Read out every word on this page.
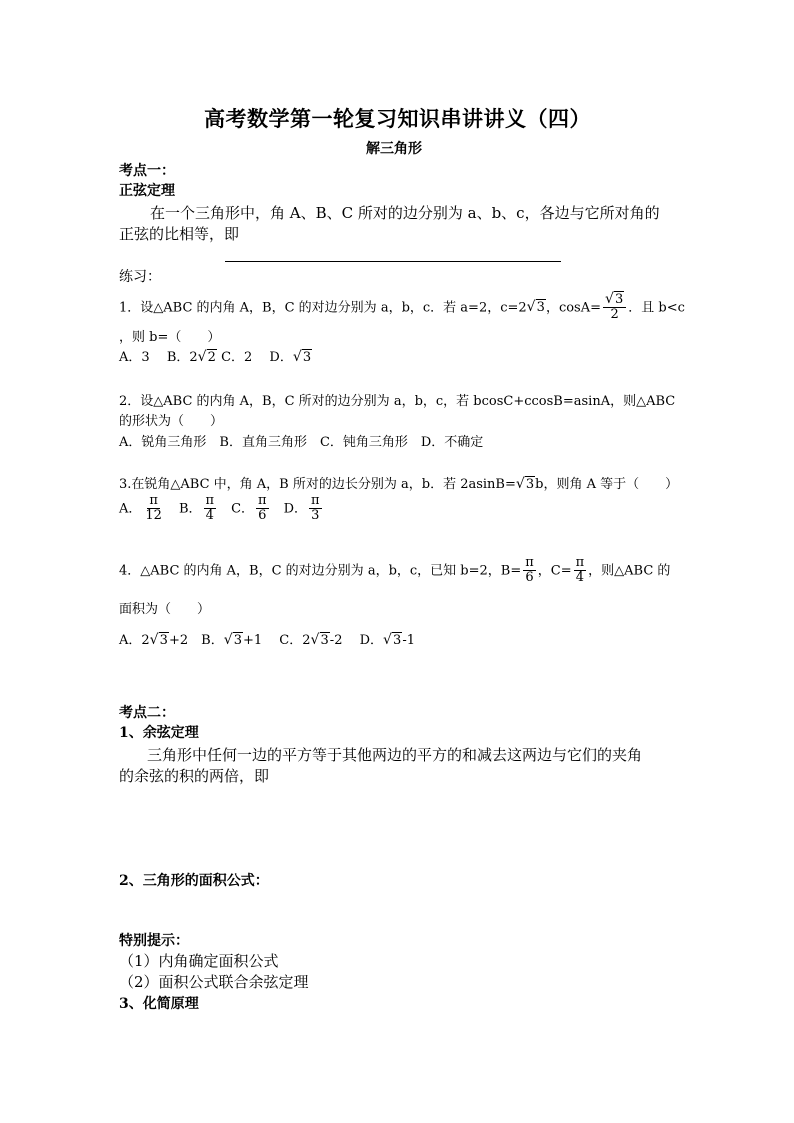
高考数学第一轮复习知识串讲讲义（四）
解三角形
考点一：
正弦定理
在一个三角形中，角 A、B、C 所对的边分别为 a、b、c，各边与它所对角的
正弦的比相等，即
练习：
1．设△ABC 的内角 A，B，C 的对边分别为 a，b，c．若 a=2，c=2 √ 3，cosA= √ $\frac{3}{2}$ ．且 b<c
，则 b=（　　）
A．3　 B．2 √ 2 C．2　 D． √ 3
2．设△ABC 的内角 A，B，C 所对的边分别为 a，b，c，若 bcosC+ccosB=asinA，则△ABC
的形状为（　　）
A．锐角三角形　B．直角三角形　C．钝角三角形　D．不确定
3.在锐角△ABC 中，角 A，B 所对的边长分别为 a，b．若 2asinB= √ 3b，则角 A 等于（　　）
A． $\frac{\pi}{12}$
　 B． $\frac{\pi}{4}$
　 C． $\frac{\pi}{6}$
　 D． $\frac{\pi}{3}$
4．△ABC 的内角 A，B，C 的对边分别为 a，b，c，已知 b=2，$B= \frac{\pi}{6}$ ，$C= \frac{\pi}{4}$ ，则△ABC 的
面积为（　　）
A．2 √ 3+2　 B． √ 3+1　 C．2 √ 3-2　 D． √ 3-1
考点二：
1、余弦定理
三角形中任何一边的平方等于其他两边的平方的和减去这两边与它们的夹角
的余弦的积的两倍，即
2、三角形的面积公式：
特别提示：
（1）内角确定面积公式
（2）面积公式联合余弦定理
3、化简原理
